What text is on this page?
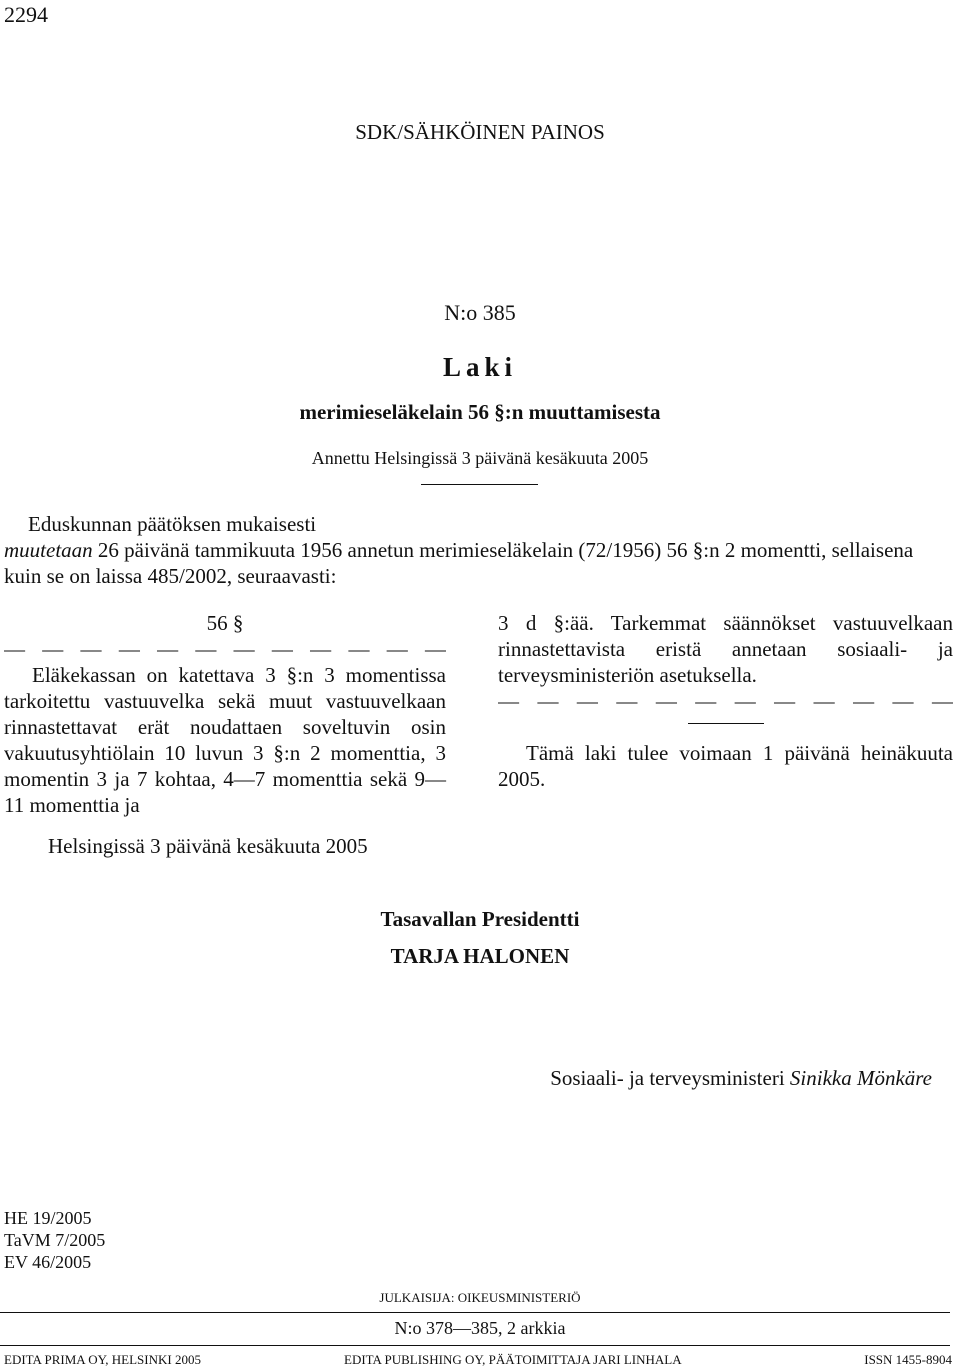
2294
SDK/SÄHKÖINEN PAINOS
N:o 385
Laki
merimieseläkelain 56 §:n muuttamisesta
Annettu Helsingissä 3 päivänä kesäkuuta 2005

Eduskunnan päätöksen mukaisesti

muutetaan 26 päivänä tammikuuta 1956 annetun merimieseläkelain (72/1956) 56 §:n 2 momentti, sellaisena kuin se on laissa 485/2002, seuraavasti:

56 §
— — — — — — — — — — — —
Eläkekassan on katettava 3 §:n 3 momentissa tarkoitettu vastuuvelka sekä muut vastuuvelkaan rinnastettavat erät noudattaen soveltuvin osin vakuutusyhtiölain 10 luvun 3 §:n 2 momenttia, 3 momentin 3 ja 7 kohtaa, 4—7 momenttia sekä 9—11 momenttia ja
3 d §:ää. Tarkemmat säännökset vastuuvelkaan rinnastettavista eristä annetaan sosiaali- ja terveysministeriön asetuksella.
— — — — — — — — — — — —
Tämä laki tulee voimaan 1 päivänä heinäkuuta 2005.
Helsingissä 3 päivänä kesäkuuta 2005
Tasavallan Presidentti
TARJA HALONEN
Sosiaali- ja terveysministeri Sinikka Mönkäre
HE 19/2005
TaVM 7/2005
EV 46/2005
JULKAISIJA: OIKEUSMINISTERIÖ
N:o 378—385, 2 arkkia
EDITA PRIMA OY, HELSINKI 2005	EDITA PUBLISHING OY, PÄÄTOIMITTAJA JARI LINHALA	ISSN 1455-8904
